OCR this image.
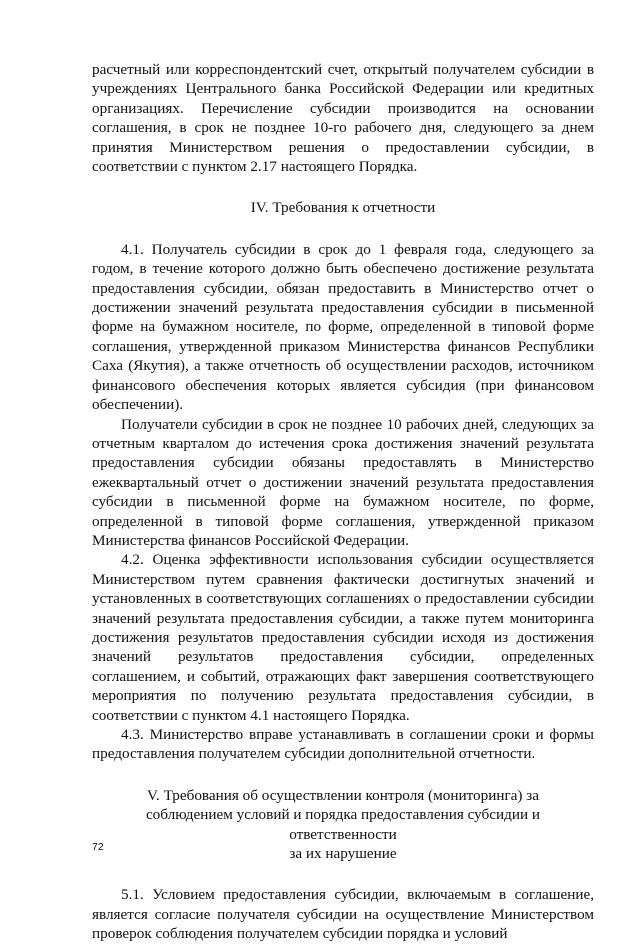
расчетный или корреспондентский счет, открытый получателем субсидии в учреждениях Центрального банка Российской Федерации или кредитных организациях. Перечисление субсидии производится на основании соглашения, в срок не позднее 10-го рабочего дня, следующего за днем принятия Министерством решения о предоставлении субсидии, в соответствии с пунктом 2.17 настоящего Порядка.

IV. Требования к отчетности

4.1. Получатель субсидии в срок до 1 февраля года, следующего за годом, в течение которого должно быть обеспечено достижение результата предоставления субсидии, обязан предоставить в Министерство отчет о достижении значений результата предоставления субсидии в письменной форме на бумажном носителе, по форме, определенной в типовой форме соглашения, утвержденной приказом Министерства финансов Республики Саха (Якутия), а также отчетность об осуществлении расходов, источником финансового обеспечения которых является субсидия (при финансовом обеспечении).

Получатели субсидии в срок не позднее 10 рабочих дней, следующих за отчетным кварталом до истечения срока достижения значений результата предоставления субсидии обязаны предоставлять в Министерство ежеквартальный отчет о достижении значений результата предоставления субсидии в письменной форме на бумажном носителе, по форме, определенной в типовой форме соглашения, утвержденной приказом Министерства финансов Российской Федерации.

4.2. Оценка эффективности использования субсидии осуществляется Министерством путем сравнения фактически достигнутых значений и установленных в соответствующих соглашениях о предоставлении субсидии значений результата предоставления субсидии, а также путем мониторинга достижения результатов предоставления субсидии исходя из достижения значений результатов предоставления субсидии, определенных соглашением, и событий, отражающих факт завершения соответствующего мероприятия по получению результата предоставления субсидии, в соответствии с пунктом 4.1 настоящего Порядка.

4.3. Министерство вправе устанавливать в соглашении сроки и формы предоставления получателем субсидии дополнительной отчетности.

V. Требования об осуществлении контроля (мониторинга) за
соблюдением условий и порядка предоставления субсидии и ответственности
за их нарушение

5.1. Условием предоставления субсидии, включаемым в соглашение, является согласие получателя субсидии на осуществление Министерством проверок соблюдения получателем субсидии порядка и условий

72
